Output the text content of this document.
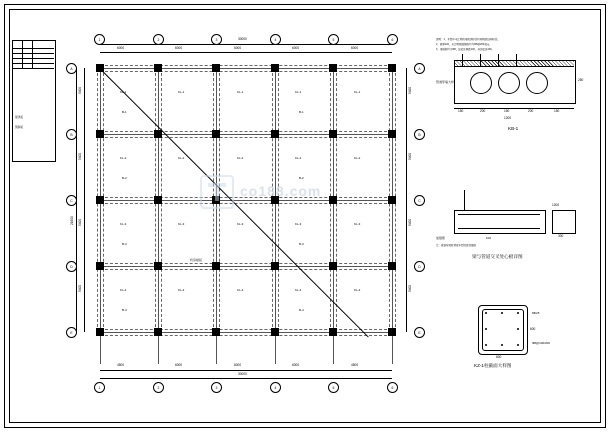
现浇板
预制板
机房楼板
KL-1	KL-1	KL-1	KL-1	KL-1
KL-2	KL-2	KL-2	KL-2	KL-2
KL-3	KL-3	KL-3	KL-3	KL-3
KL-4	KL-4	KL-4	KL-4	KL-4
B-1	B-1
B-2	B-2
B-3	B-3
B-4	B-4
1	2	3	4	5	6
1	2	3	4	5	6
A
B
C
D
E
A
B
C
D
E
6000	6000	6000	6000	6000
30000
4500	6000	6000	6000	4500
30000
5400
5400
5400
5400
21600
5400
5400
5400
5400
说明：1、本图中未注明的梁板顶标高均同楼层结构标高。
2、板厚120，未注明板面钢筋均为Φ8@200双向。
3、梁箍筋均为Φ8，加密区间距100，非加密区200。
150	200	150	200	150
250
1200
KB-1
管道穿墙大样
1200
300
加强筋	100
注：管道穿梁时须按本图设置加强筋
梁与管道交叉处心板详图
600
600
8Φ25
Φ8@100/200
KZ-1柱截面大样图
co188.com
